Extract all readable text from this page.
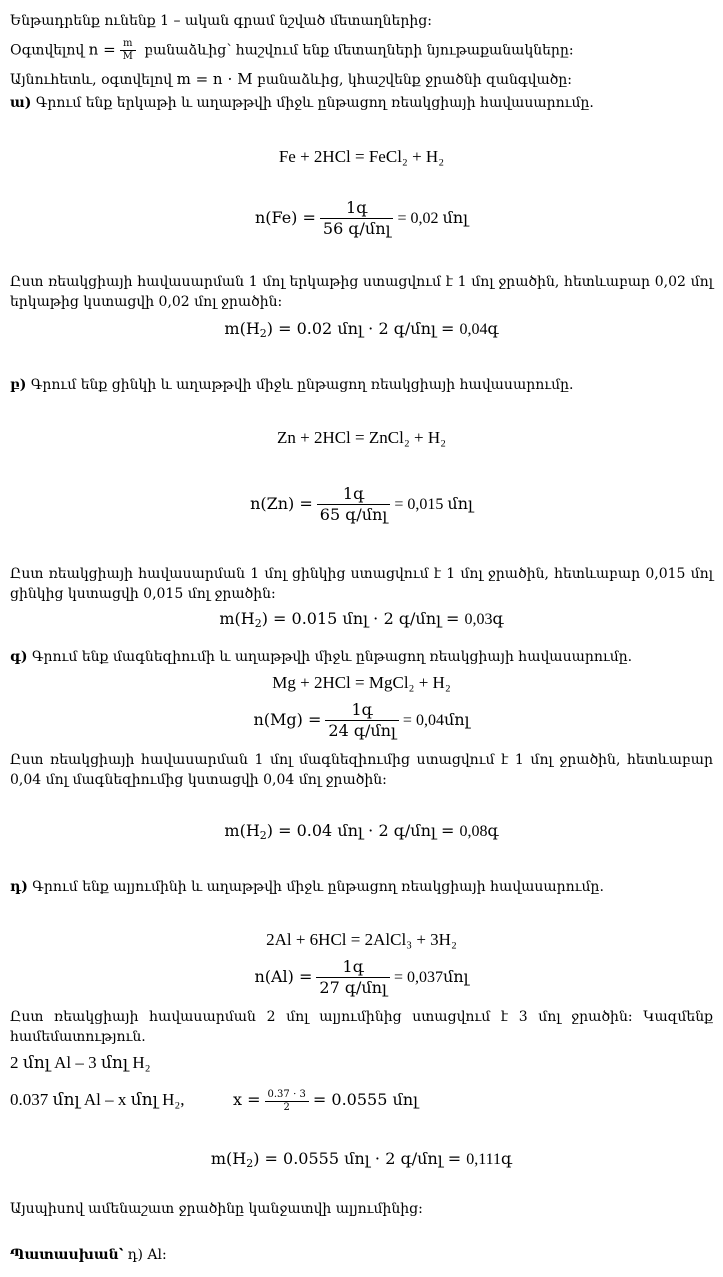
Ենթադրենք ունենք 1 – ական գրամ նշված մետաղներից:
Օգտվելով $n = \frac{m}{M}$ բանաձևից՝ հաշվում ենք մետաղների նյութաքանակները:
Այնուհետև, օգտվելով m = n ⋅ M բանաձևից, կհաշվենք ջրածնի զանգվածը:
ա) Գրում ենք երկաթի և աղաթթվի միջև ընթացող ռեակցիայի հավասարումը.
Fe + 2HCl = FeCl₂ + H₂
$n(Fe) = \frac{\text{1գ}}{\text{56 գ/մոլ}} = 0,02$ մոլ
Ըստ ռեակցիայի հավասարման 1 մոլ երկաթից ստացվում է 1 մոլ ջրածին, հետևաբար 0,02 մոլ երկաթից կստացվի 0,02 մոլ ջրածին:
$m(H_2) = 0.02$ մոլ ⋅ 2 գ/մոլ = 0,04գ
բ) Գրում ենք ցինկի և աղաթթվի միջև ընթացող ռեակցիայի հավասարումը.
Zn + 2HCl = ZnCl₂ + H₂
$n(Zn) = \frac{\text{1գ}}{\text{65 գ/մոլ}} = 0,015$ մոլ
Ըստ ռեակցիայի հավասարման 1 մոլ ցինկից ստացվում է 1 մոլ ջրածին, հետևաբար 0,015 մոլ ցինկից կստացվի 0,015 մոլ ջրածին:
$m(H_2) = 0.015$ մոլ ⋅ 2 գ/մոլ = 0,03գ
գ) Գրում ենք մագնեզիումի և աղաթթվի միջև ընթացող ռեակցիայի հավասարումը.
Mg + 2HCl = MgCl₂ + H₂
$n(Mg) = \frac{\text{1գ}}{\text{24 գ/մոլ}}$ = 0,04մոլ
Ըստ ռեակցիայի հավասարման 1 մոլ մագնեզիումից ստացվում է 1 մոլ ջրածին, հետևաբար 0,04 մոլ մագնեզիումից կստացվի 0,04 մոլ ջրածին:
$m(H_2) = 0.04$ մոլ ⋅ 2 գ/մոլ = 0,08գ
դ) Գրում ենք ալյումինի և աղաթթվի միջև ընթացող ռեակցիայի հավասարումը.
2Al + 6HCl = 2AlCl₃ + 3H₂
$n(Al) = \frac{\text{1գ}}{\text{27 գ/մոլ}}$ = 0,037մոլ
Ըստ ռեակցիայի հավասարման 2 մոլ ալյումինից ստացվում է 3 մոլ ջրածին: Կազմենք համեմատություն.
2 մոլ Al – 3 մոլ H₂
0.037 մոլ Al – x մոլ H₂,	$x = \frac{0.37 \cdot 3}{2} = 0.0555$ մոլ
$m(H_2) = 0.0555$ մոլ ⋅ 2 գ/մոլ = 0,111գ
Այսպիսով ամենաշատ ջրածինը կանջատվի ալյումինից:
Պատասխան՝ դ) Al:
